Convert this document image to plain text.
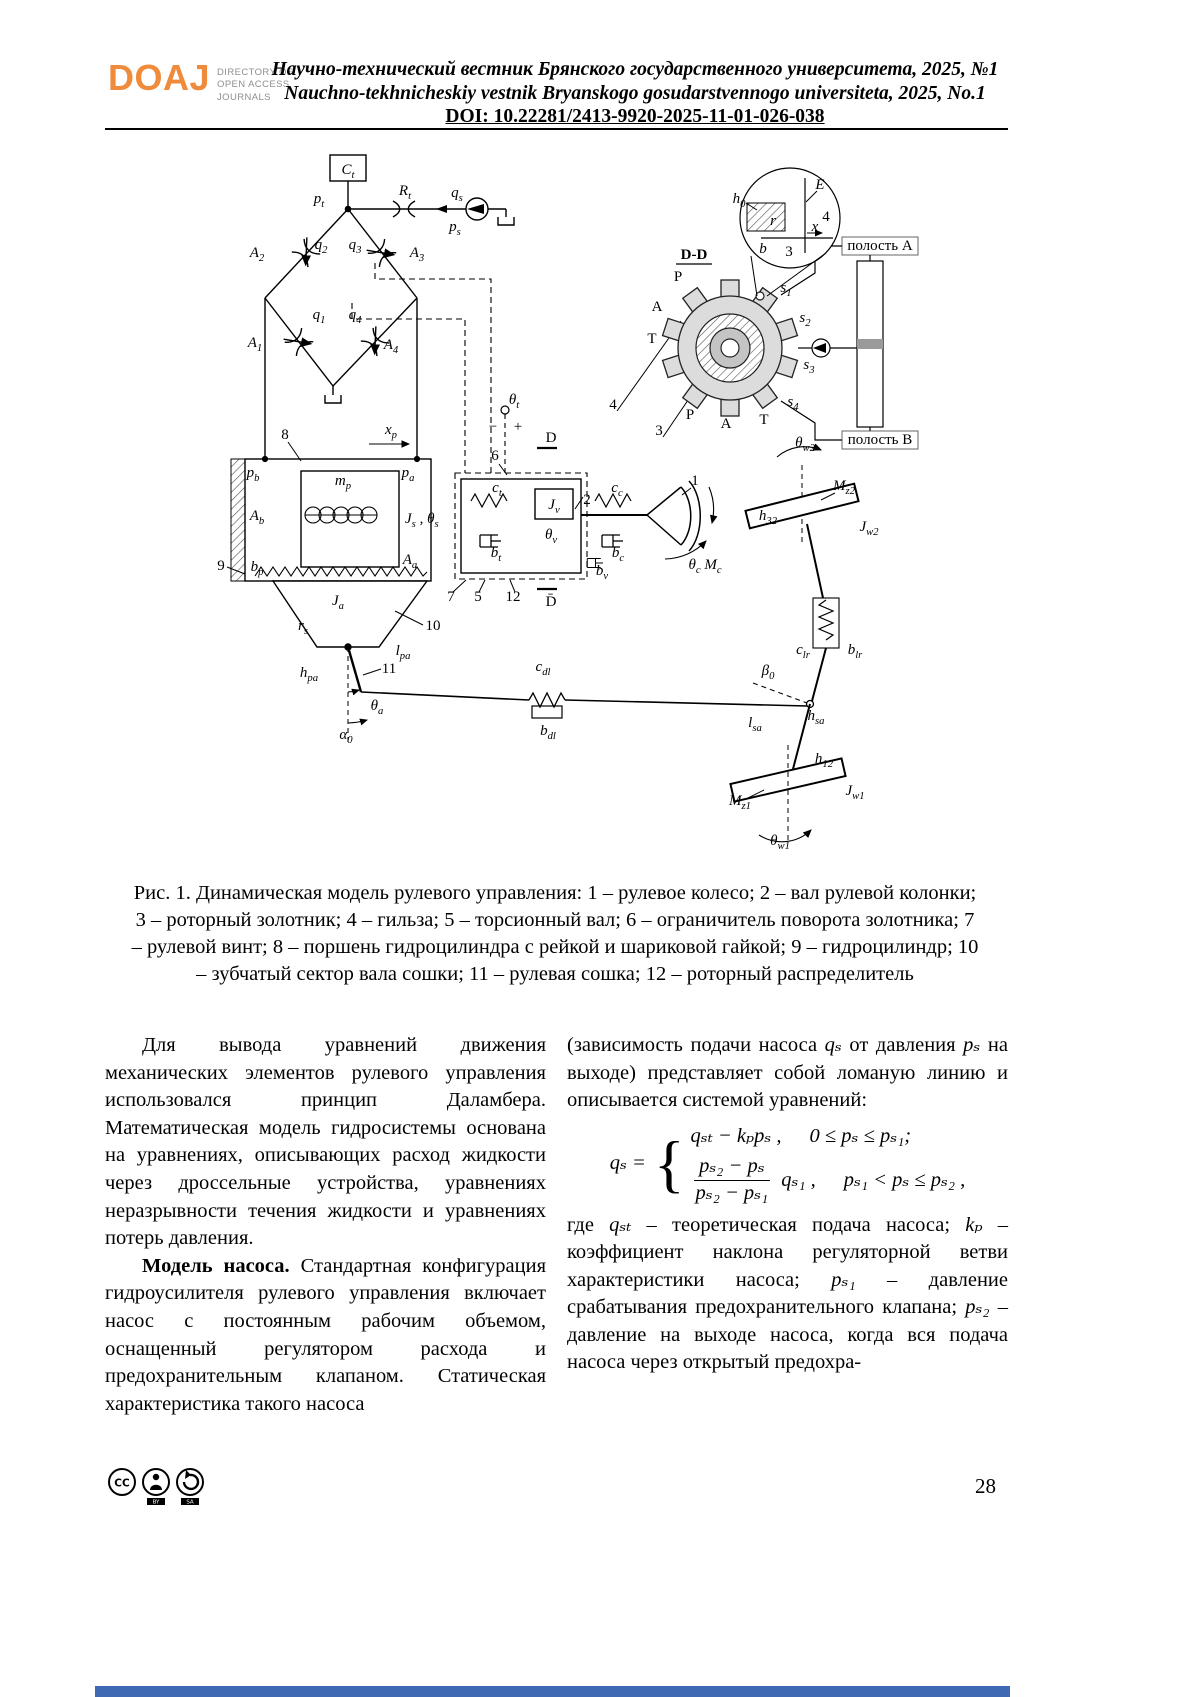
DOAJ DIRECTORY OF
OPEN ACCESS
JOURNALS
Научно-технический вестник Брянского государственного университета, 2025, №1
Nauchno-tekhnicheskiy vestnik Bryanskogo gosudarstvennogo universiteta, 2025, No.1
DOI: 10.22281/2413-9920-2025-11-01-026-038
$C_t$
$p_t$
$R_t$	$q_s$
$p_s$
$A_2$
$q_2$ $q_3$	$A_3$
$A_1$
$q_1$ $q_4$
$A_4$
8	$x_p$
$p_b$	$m_p$
$p_a$
$A_b$	$J_s$ , $\theta_s$
9 $b_p$
$A_a$
$J_a$
$r_s$	10
11
$l_{pa}$
$h_{pa}$
$\theta_a$
$\alpha_0$
$\theta_t$
− +
6
$c_t$
$J_v$
2
$c_c$
$\theta_v$
$b_t$	$b_c$
$b_v$
D
D̄
7 5 12
1
$\theta_c$ $M_c$
4
3
D-D
полость А
полость B
$s_1$
$s_2$
$s_3$
$s_4$
P
A
T
P
A T
$h_0$
E
r x
b 3
4
$\theta_{w2}$
$M_{z2}$
$h_{32}$	$J_{w2}$
$c_{lr}$	$b_{lr}$
$\beta_0$
$l_{sa}$
$h_{sa}$
$h_{12}$
$M_{z1}$
$J_{w1}$
$\theta_{w1}$
$c_{dl}$
$b_{dl}$

Рис. 1. Динамическая модель рулевого управления: 1 – рулевое колесо; 2 – вал рулевой колонки; 3 – роторный золотник; 4 – гильза; 5 – торсионный вал; 6 – ограничитель поворота золотника; 7 – рулевой винт; 8 – поршень гидроцилиндра с рейкой и шариковой гайкой; 9 – гидроцилиндр; 10 – зубчатый сектор вала сошки; 11 – рулевая сошка; 12 – роторный распределитель

Для вывода уравнений движения механических элементов рулевого управления использовался принцип Даламбера. Математическая модель гидросистемы основана на уравнениях, описывающих расход жидкости через дроссельные устройства, уравнениях неразрывности течения жидкости и уравнениях потерь давления.

Модель насоса. Стандартная конфигурация гидроусилителя рулевого управления включает насос с постоянным рабочим объемом, оснащенный регулятором расхода и предохранительным клапаном. Статическая характеристика такого насоса

(зависимость подачи насоса qₛ от давления pₛ на выходе) представляет собой ломаную линию и описывается системой уравнений:

qₛ = { qₛₜ − kₚpₛ , 0 ≤ pₛ ≤ pₛ₁;
$\frac{\text{pₛ₂ − pₛ}}{\text{pₛ₂ − pₛ₁}} q_{s1}$ , pₛ₁ < pₛ ≤ pₛ₂ ,

где qₛₜ – теоретическая подача насоса; kₚ – коэффициент наклона регуляторной ветви характеристики насоса; pₛ₁ – давление срабатывания предохранительного клапана; pₛ₂ – давление на выходе насоса, когда вся подача насоса через открытый предохра-

CC
BY	SA
28
